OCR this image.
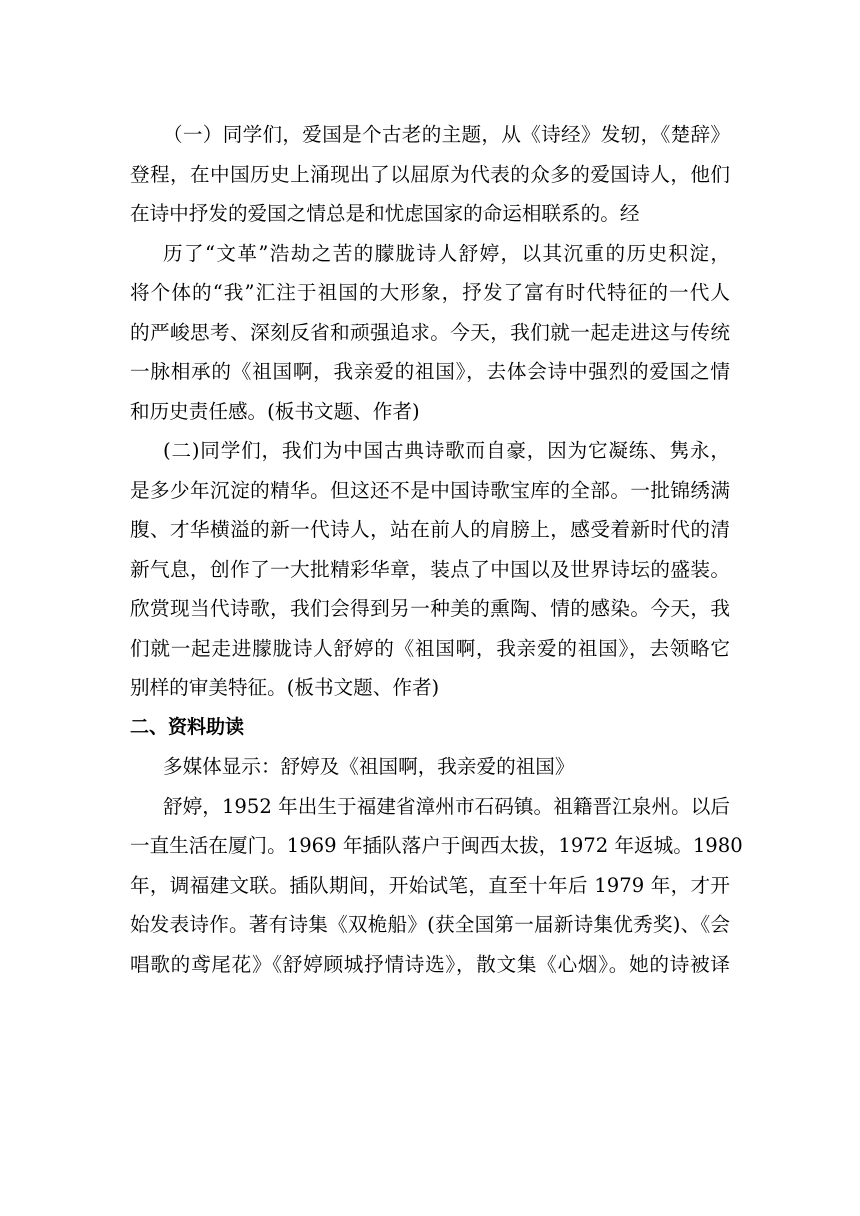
（一）同学们，爱国是个古老的主题，从《诗经》发轫，《楚辞》
登程，在中国历史上涌现出了以屈原为代表的众多的爱国诗人，他们
在诗中抒发的爱国之情总是和忧虑国家的命运相联系的。经
历了“文革”浩劫之苦的朦胧诗人舒婷，以其沉重的历史积淀，
将个体的“我”汇注于祖国的大形象，抒发了富有时代特征的一代人
的严峻思考、深刻反省和顽强追求。今天，我们就一起走进这与传统
一脉相承的《祖国啊，我亲爱的祖国》，去体会诗中强烈的爱国之情
和历史责任感。(板书文题、作者)
(二)同学们，我们为中国古典诗歌而自豪，因为它凝练、隽永，
是多少年沉淀的精华。但这还不是中国诗歌宝库的全部。一批锦绣满
腹、才华横溢的新一代诗人，站在前人的肩膀上，感受着新时代的清
新气息，创作了一大批精彩华章，装点了中国以及世界诗坛的盛装。
欣赏现当代诗歌，我们会得到另一种美的熏陶、情的感染。今天，我
们就一起走进朦胧诗人舒婷的《祖国啊，我亲爱的祖国》，去领略它
别样的审美特征。(板书文题、作者)
二、资料助读
多媒体显示：舒婷及《祖国啊，我亲爱的祖国》
舒婷，1952 年出生于福建省漳州市石码镇。祖籍晋江泉州。以后
一直生活在厦门。1969 年插队落户于闽西太拔，1972 年返城。1980
年，调福建文联。插队期间，开始试笔，直至十年后 1979 年，才开
始发表诗作。著有诗集《双桅船》(获全国第一届新诗集优秀奖)、《会
唱歌的鸢尾花》《舒婷顾城抒情诗选》，散文集《心烟》。她的诗被译
